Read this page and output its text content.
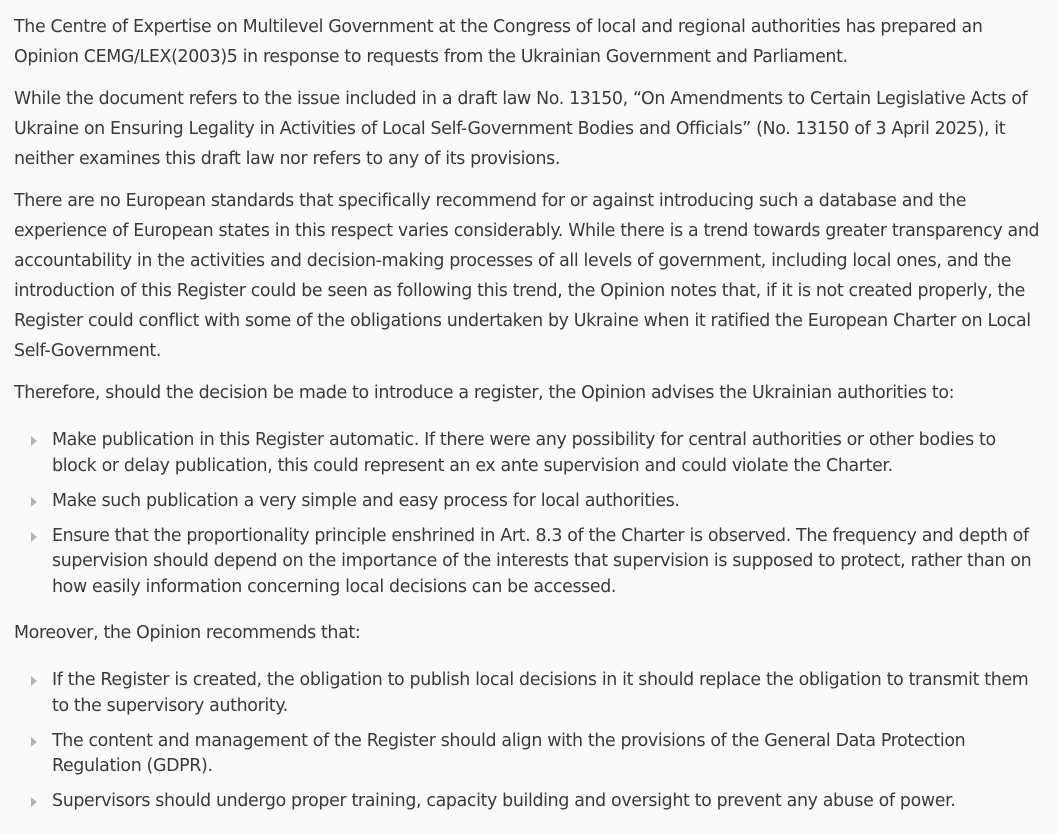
The Centre of Expertise on Multilevel Government at the Congress of local and regional authorities has prepared an Opinion CEMG/LEX(2003)5 in response to requests from the Ukrainian Government and Parliament.

While the document refers to the issue included in a draft law No. 13150, “On Amendments to Certain Legislative Acts of Ukraine on Ensuring Legality in Activities of Local Self-Government Bodies and Officials” (No. 13150 of 3 April 2025), it neither examines this draft law nor refers to any of its provisions.

There are no European standards that specifically recommend for or against introducing such a database and the experience of European states in this respect varies considerably. While there is a trend towards greater transparency and accountability in the activities and decision-making processes of all levels of government, including local ones, and the introduction of this Register could be seen as following this trend, the Opinion notes that, if it is not created properly, the Register could conflict with some of the obligations undertaken by Ukraine when it ratified the European Charter on Local Self-Government.

Therefore, should the decision be made to introduce a register, the Opinion advises the Ukrainian authorities to:

Make publication in this Register automatic. If there were any possibility for central authorities or other bodies to block or delay publication, this could represent an ex ante supervision and could violate the Charter.
Make such publication a very simple and easy process for local authorities.
Ensure that the proportionality principle enshrined in Art. 8.3 of the Charter is observed. The frequency and depth of supervision should depend on the importance of the interests that supervision is supposed to protect, rather than on how easily information concerning local decisions can be accessed.

Moreover, the Opinion recommends that:

If the Register is created, the obligation to publish local decisions in it should replace the obligation to transmit them to the supervisory authority.
The content and management of the Register should align with the provisions of the General Data Protection Regulation (GDPR).
Supervisors should undergo proper training, capacity building and oversight to prevent any abuse of power.
